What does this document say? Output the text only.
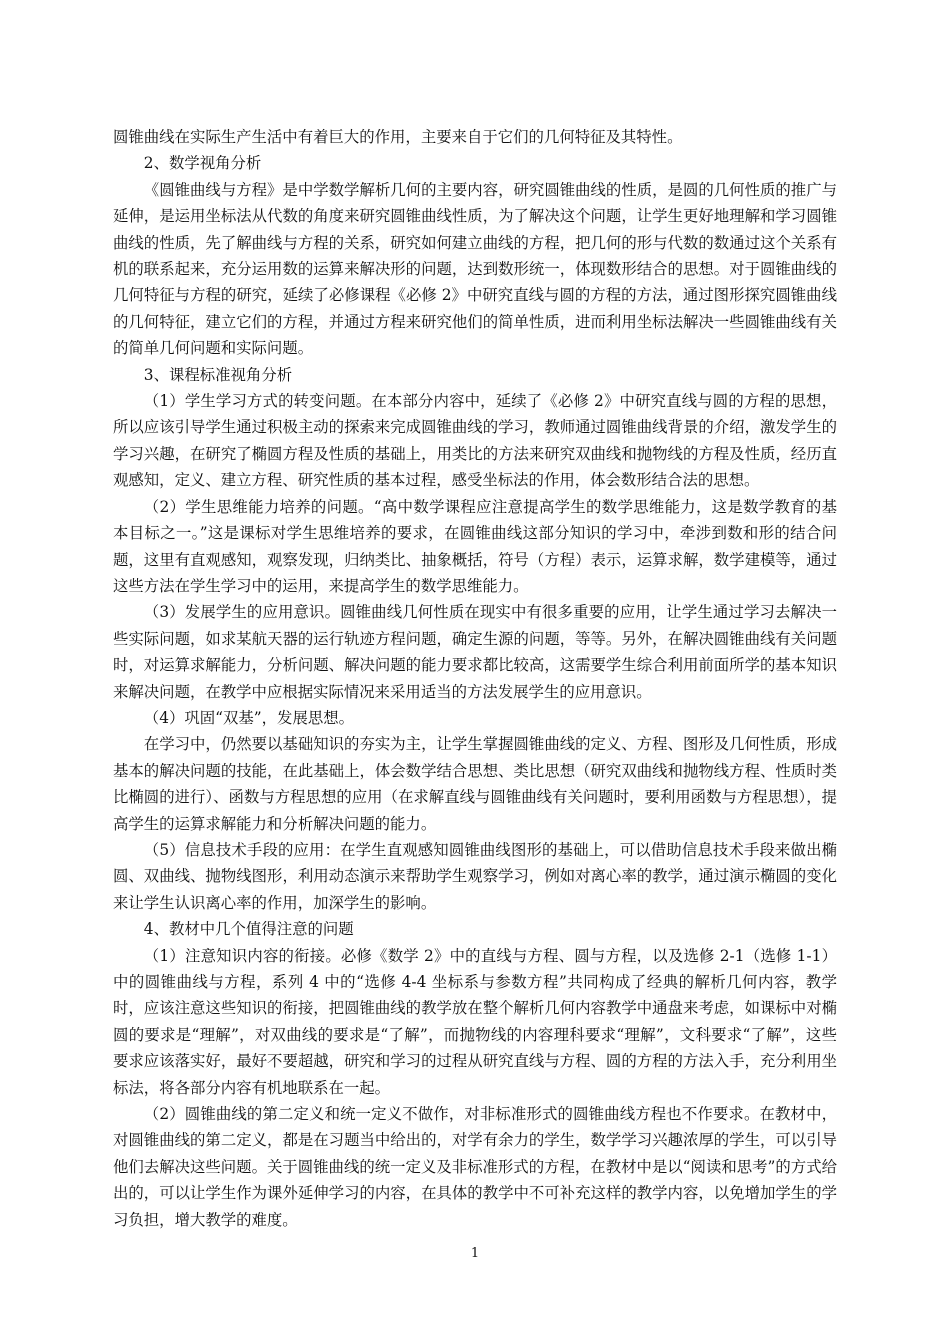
圆锥曲线在实际生产生活中有着巨大的作用，主要来自于它们的几何特征及其特性。

2、数学视角分析

《圆锥曲线与方程》是中学数学解析几何的主要内容，研究圆锥曲线的性质，是圆的几何性质的推广与延伸，是运用坐标法从代数的角度来研究圆锥曲线性质，为了解决这个问题，让学生更好地理解和学习圆锥曲线的性质，先了解曲线与方程的关系，研究如何建立曲线的方程，把几何的形与代数的数通过这个关系有机的联系起来，充分运用数的运算来解决形的问题，达到数形统一，体现数形结合的思想。对于圆锥曲线的几何特征与方程的研究，延续了必修课程《必修 2》中研究直线与圆的方程的方法，通过图形探究圆锥曲线的几何特征，建立它们的方程，并通过方程来研究他们的简单性质，进而利用坐标法解决一些圆锥曲线有关的简单几何问题和实际问题。

3、课程标准视角分析

（1）学生学习方式的转变问题。在本部分内容中，延续了《必修 2》中研究直线与圆的方程的思想，所以应该引导学生通过积极主动的探索来完成圆锥曲线的学习，教师通过圆锥曲线背景的介绍，激发学生的学习兴趣，在研究了椭圆方程及性质的基础上，用类比的方法来研究双曲线和抛物线的方程及性质，经历直观感知，定义、建立方程、研究性质的基本过程，感受坐标法的作用，体会数形结合法的思想。

（2）学生思维能力培养的问题。“高中数学课程应注意提高学生的数学思维能力，这是数学教育的基本目标之一。”这是课标对学生思维培养的要求，在圆锥曲线这部分知识的学习中，牵涉到数和形的结合问题，这里有直观感知，观察发现，归纳类比、抽象概括，符号（方程）表示，运算求解，数学建模等，通过这些方法在学生学习中的运用，来提高学生的数学思维能力。

（3）发展学生的应用意识。圆锥曲线几何性质在现实中有很多重要的应用，让学生通过学习去解决一些实际问题，如求某航天器的运行轨迹方程问题，确定生源的问题，等等。另外，在解决圆锥曲线有关问题时，对运算求解能力，分析问题、解决问题的能力要求都比较高，这需要学生综合利用前面所学的基本知识来解决问题，在教学中应根据实际情况来采用适当的方法发展学生的应用意识。

（4）巩固“双基”，发展思想。

在学习中，仍然要以基础知识的夯实为主，让学生掌握圆锥曲线的定义、方程、图形及几何性质，形成基本的解决问题的技能，在此基础上，体会数学结合思想、类比思想（研究双曲线和抛物线方程、性质时类比椭圆的进行）、函数与方程思想的应用（在求解直线与圆锥曲线有关问题时，要利用函数与方程思想），提高学生的运算求解能力和分析解决问题的能力。

（5）信息技术手段的应用：在学生直观感知圆锥曲线图形的基础上，可以借助信息技术手段来做出椭圆、双曲线、抛物线图形，利用动态演示来帮助学生观察学习，例如对离心率的教学，通过演示椭圆的变化来让学生认识离心率的作用，加深学生的影响。

4、教材中几个值得注意的问题

（1）注意知识内容的衔接。必修《数学 2》中的直线与方程、圆与方程，以及选修 2-1（选修 1-1）中的圆锥曲线与方程，系列 4 中的“选修 4-4 坐标系与参数方程”共同构成了经典的解析几何内容，教学时，应该注意这些知识的衔接，把圆锥曲线的教学放在整个解析几何内容教学中通盘来考虑，如课标中对椭圆的要求是“理解”，对双曲线的要求是“了解”，而抛物线的内容理科要求“理解”，文科要求“了解”，这些要求应该落实好，最好不要超越，研究和学习的过程从研究直线与方程、圆的方程的方法入手，充分利用坐标法，将各部分内容有机地联系在一起。

（2）圆锥曲线的第二定义和统一定义不做作，对非标准形式的圆锥曲线方程也不作要求。在教材中，对圆锥曲线的第二定义，都是在习题当中给出的，对学有余力的学生，数学学习兴趣浓厚的学生，可以引导他们去解决这些问题。关于圆锥曲线的统一定义及非标准形式的方程，在教材中是以“阅读和思考”的方式给出的，可以让学生作为课外延伸学习的内容，在具体的教学中不可补充这样的教学内容，以免增加学生的学习负担，增大教学的难度。

1
